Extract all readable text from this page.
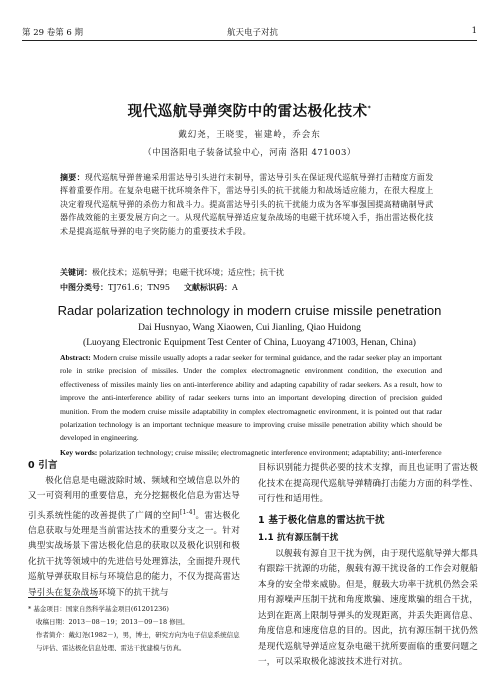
第 29 卷第 6 期	航天电子对抗	1
现代巡航导弹突防中的雷达极化技术*
戴幻尧，王晓雯，崔建岭，乔会东
（中国洛阳电子装备试验中心，河南 洛阳 471003）
摘要：现代巡航导弹普遍采用雷达导引头进行末制导，雷达导引头在保证现代巡航导弹打击精度方面发挥着重要作用。在复杂电磁干扰环境条件下，雷达导引头的抗干扰能力和战场适应能力，在很大程度上决定着现代巡航导弹的杀伤力和战斗力。提高雷达导引头的抗干扰能力成为各军事强国提高精确制导武器作战效能的主要发展方向之一。从现代巡航导弹适应复杂战场的电磁干扰环境入手，指出雷达极化技术是提高巡航导弹的电子突防能力的重要技术手段。
关键词：极化技术；巡航导弹；电磁干扰环境；适应性；抗干扰
中图分类号：TJ761.6；TN95 文献标识码：A
Radar polarization technology in modern cruise missile penetration
Dai Husnyao, Wang Xiaowen, Cui Jianling, Qiao Huidong
(Luoyang Electronic Equipment Test Center of China, Luoyang 471003, Henan, China)
Abstract: Modern cruise missile usually adopts a radar seeker for terminal guidance, and the radar seeker play an important role in strike precision of missiles. Under the complex electromagnetic environment condition, the execution and effectiveness of missiles mainly lies on anti-interference ability and adapting capability of radar seekers. As a result, how to improve the anti-interference ability of radar seekers turns into an important developing direction of precision guided munition. From the modern cruise missile adaptability in complex electromagnetic environment, it is pointed out that radar polarization technology is an important technique measure to improving cruise missile penetration ability which should be developed in engineering.
Key words: polarization technology; cruise missile; electromagnetic interference environment; adaptability; anti-interference
0 引言
极化信息是电磁波除时域、频域和空域信息以外的又一可资利用的重要信息，充分挖掘极化信息为雷达导引头系统性能的改善提供了广阔的空间[1-4]。雷达极化信息获取与处理是当前雷达技术的重要分支之一。针对典型实战场景下雷达极化信息的获取以及极化识别和极化抗干扰等领域中的先进信号处理算法，全面提升现代巡航导弹获取目标与环境信息的能力，不仅为提高雷达导引头在复杂战场环境下的抗干扰与
目标识别能力提供必要的技术支撑，而且也证明了雷达极化技术在提高现代巡航导弹精确打击能力方面的科学性、可行性和适用性。
1 基于极化信息的雷达抗干扰
1.1 抗有源压制干扰
以舰载有源自卫干扰为例，由于现代巡航导弹大都具有跟踪干扰源的功能，舰载有源干扰设备的工作会对舰船本身的安全带来威胁。但是，舰载大功率干扰机仍然会采用有源噪声压制干扰和角度欺骗、速度欺骗的组合干扰，达到在距离上限制导弹头的发现距离，并丢失距离信息、角度信息和速度信息的目的。因此，抗有源压制干扰仍然是现代巡航导弹适应复杂电磁干扰所要面临的重要问题之一，可以采取极化滤波技术进行对抗。
* 基金项目：国家自然科学基金项目(61201236)
收稿日期：2013－08－19；2013－09－18 修回。
作者简介：戴幻尧(1982－)，男，博士，研究方向为电子信息系统信息与评估、雷达极化信息处理、雷达干扰建模与仿真。
